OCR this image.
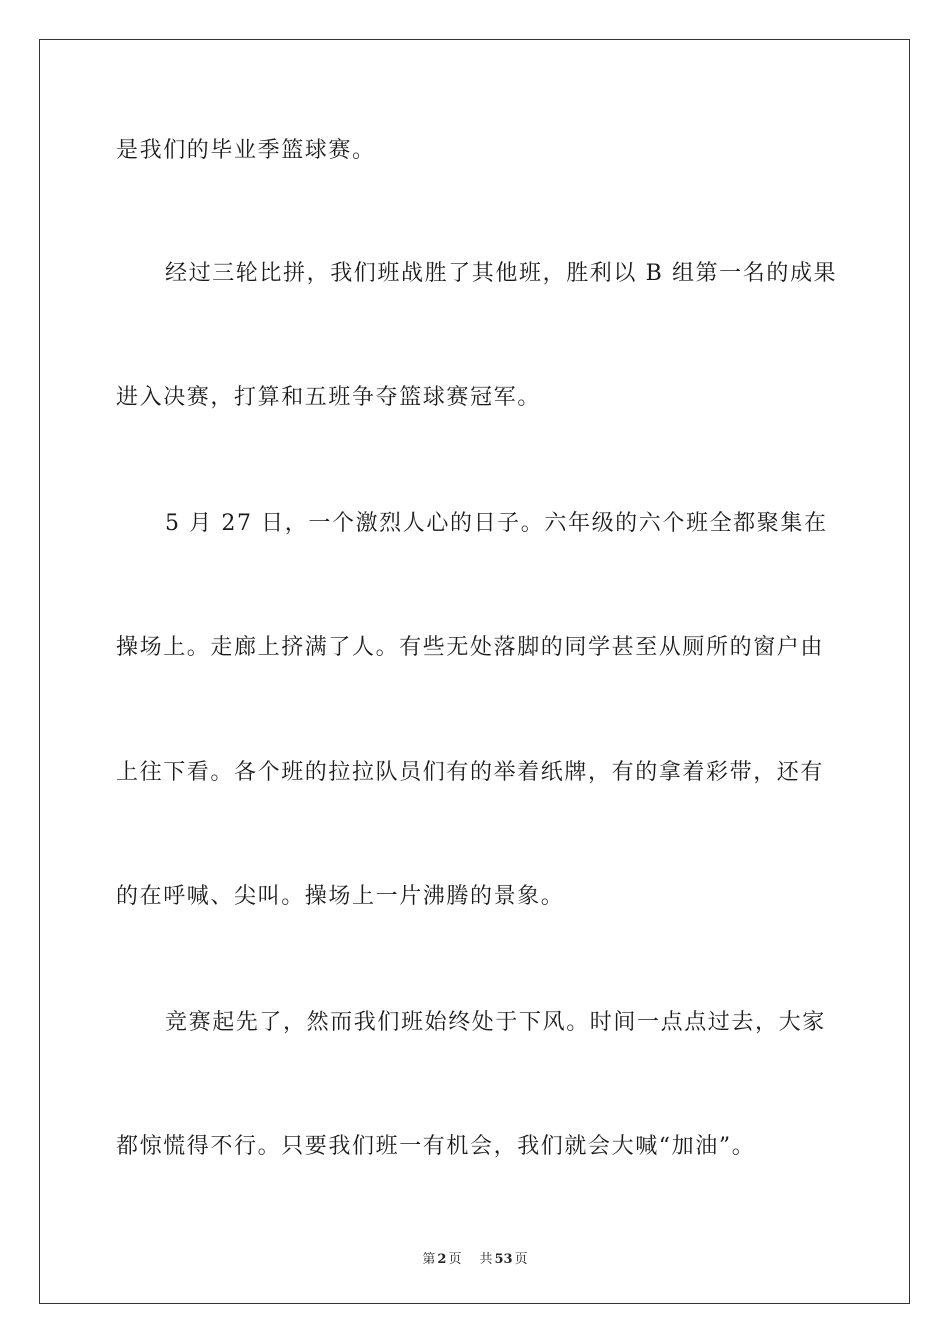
是我们的毕业季篮球赛。
经过三轮比拼，我们班战胜了其他班，胜利以 B 组第一名的成果
进入决赛，打算和五班争夺篮球赛冠军。
5 月 27 日，一个激烈人心的日子。六年级的六个班全都聚集在
操场上。走廊上挤满了人。有些无处落脚的同学甚至从厕所的窗户由
上往下看。各个班的拉拉队员们有的举着纸牌，有的拿着彩带，还有
的在呼喊、尖叫。操场上一片沸腾的景象。
竞赛起先了，然而我们班始终处于下风。时间一点点过去，大家
都惊慌得不行。只要我们班一有机会，我们就会大喊“加油”。
第 2 页 共 53 页
